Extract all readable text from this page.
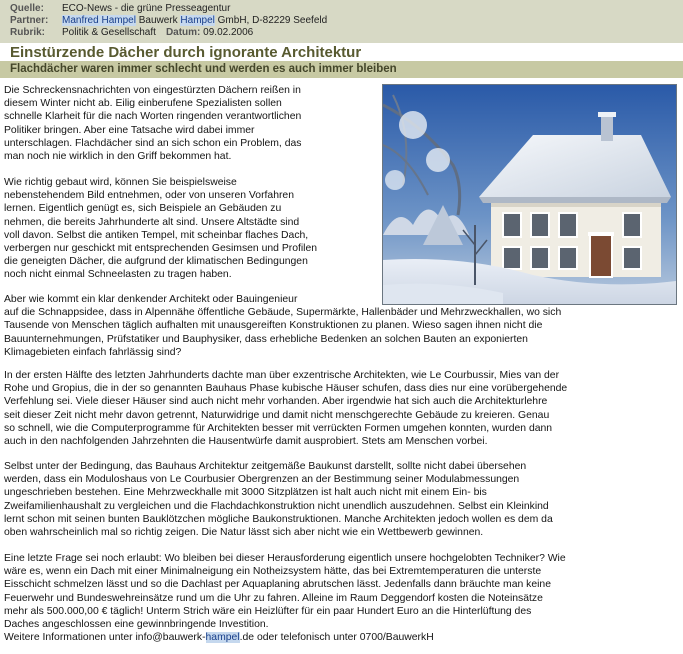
Quelle: ECO-News - die grüne Presseagentur
Partner: Manfred Hampel Bauwerk Hampel GmbH, D-82229 Seefeld
Rubrik: Politik & Gesellschaft Datum: 09.02.2006
Einstürzende Dächer durch ignorante Architektur
Flachdächer waren immer schlecht und werden es auch immer bleiben
Die Schreckensnachrichten von eingestürzten Dächern reißen in
diesem Winter nicht ab. Eilig einberufene Spezialisten sollen
schnelle Klarheit für die nach Worten ringenden verantwortlichen
Politiker bringen. Aber eine Tatsache wird dabei immer
unterschlagen. Flachdächer sind an sich schon ein Problem, das
man noch nie wirklich in den Griff bekommen hat.
Wie richtig gebaut wird, können Sie beispielsweise
nebenstehendem Bild entnehmen, oder von unseren Vorfahren
lernen. Eigentlich genügt es, sich Beispiele an Gebäuden zu
nehmen, die bereits Jahrhunderte alt sind. Unsere Altstädte sind
voll davon. Selbst die antiken Tempel, mit scheinbar flaches Dach,
verbergen nur geschickt mit entsprechenden Gesimsen und Profilen
die geneigten Dächer, die aufgrund der klimatischen Bedingungen
noch nicht einmal Schneelasten zu tragen haben.
Aber wie kommt ein klar denkender Architekt oder Bauingenieur
auf die Schnappsidee, dass in Alpennähe öffentliche Gebäude, Supermärkte, Hallenbäder und Mehrzweckhallen, wo sich
Tausende von Menschen täglich aufhalten mit unausgereiften Konstruktionen zu planen. Wieso sagen ihnen nicht die
Bauunternehmungen, Prüfstatiker und Bauphysiker, dass erhebliche Bedenken an solchen Bauten an exponierten
Klimagebieten einfach fahrlässig sind?
In der ersten Hälfte des letzten Jahrhunderts dachte man über exzentrische Architekten, wie Le Courbussir, Mies van der
Rohe und Gropius, die in der so genannten Bauhaus Phase kubische Häuser schufen, dass dies nur eine vorübergehende
Verfehlung sei. Viele dieser Häuser sind auch nicht mehr vorhanden. Aber irgendwie hat sich auch die Architekturlehre
seit dieser Zeit nicht mehr davon getrennt, Naturwidrige und damit nicht menschgerechte Gebäude zu kreieren. Genau
so schnell, wie die Computerprogramme für Architekten besser mit verrückten Formen umgehen konnten, wurden dann
auch in den nachfolgenden Jahrzehnten die Hausentwürfe damit ausprobiert. Stets am Menschen vorbei.
Selbst unter der Bedingung, das Bauhaus Architektur zeitgemäße Baukunst darstellt, sollte nicht dabei übersehen
werden, dass ein Moduloshaus von Le Courbusier Obergrenzen an der Bestimmung seiner Modulabmessungen
ungeschrieben bestehen. Eine Mehrzweckhalle mit 3000 Sitzplätzen ist halt auch nicht mit einem Ein- bis
Zweifamilienhaushalt zu vergleichen und die Flachdachkonstruktion nicht unendlich auszudehnen. Selbst ein Kleinkind
lernt schon mit seinen bunten Bauklötzchen mögliche Baukonstruktionen. Manche Architekten jedoch wollen es dem da
oben wahrscheinlich mal so richtig zeigen. Die Natur lässt sich aber nicht wie ein Wettbewerb gewinnen.
Eine letzte Frage sei noch erlaubt: Wo bleiben bei dieser Herausforderung eigentlich unsere hochgelobten Techniker? Wie
wäre es, wenn ein Dach mit einer Minimalneigung ein Notheizsystem hätte, das bei Extremtemperaturen die unterste
Eisschicht schmelzen lässt und so die Dachlast per Aquaplaning abrutschen lässt. Jedenfalls dann bräuchte man keine
Feuerwehr und Bundeswehreinsätze rund um die Uhr zu fahren. Alleine im Raum Deggendorf kosten die Noteinsätze
mehr als 500.000,00 € täglich! Unterm Strich wäre ein Heizlüfter für ein paar Hundert Euro an die Hinterlüftung des
Daches angeschlossen eine gewinnbringende Investition.
Weitere Informationen unter info@bauwerk-hampel.de oder telefonisch unter 0700/BauwerkH
